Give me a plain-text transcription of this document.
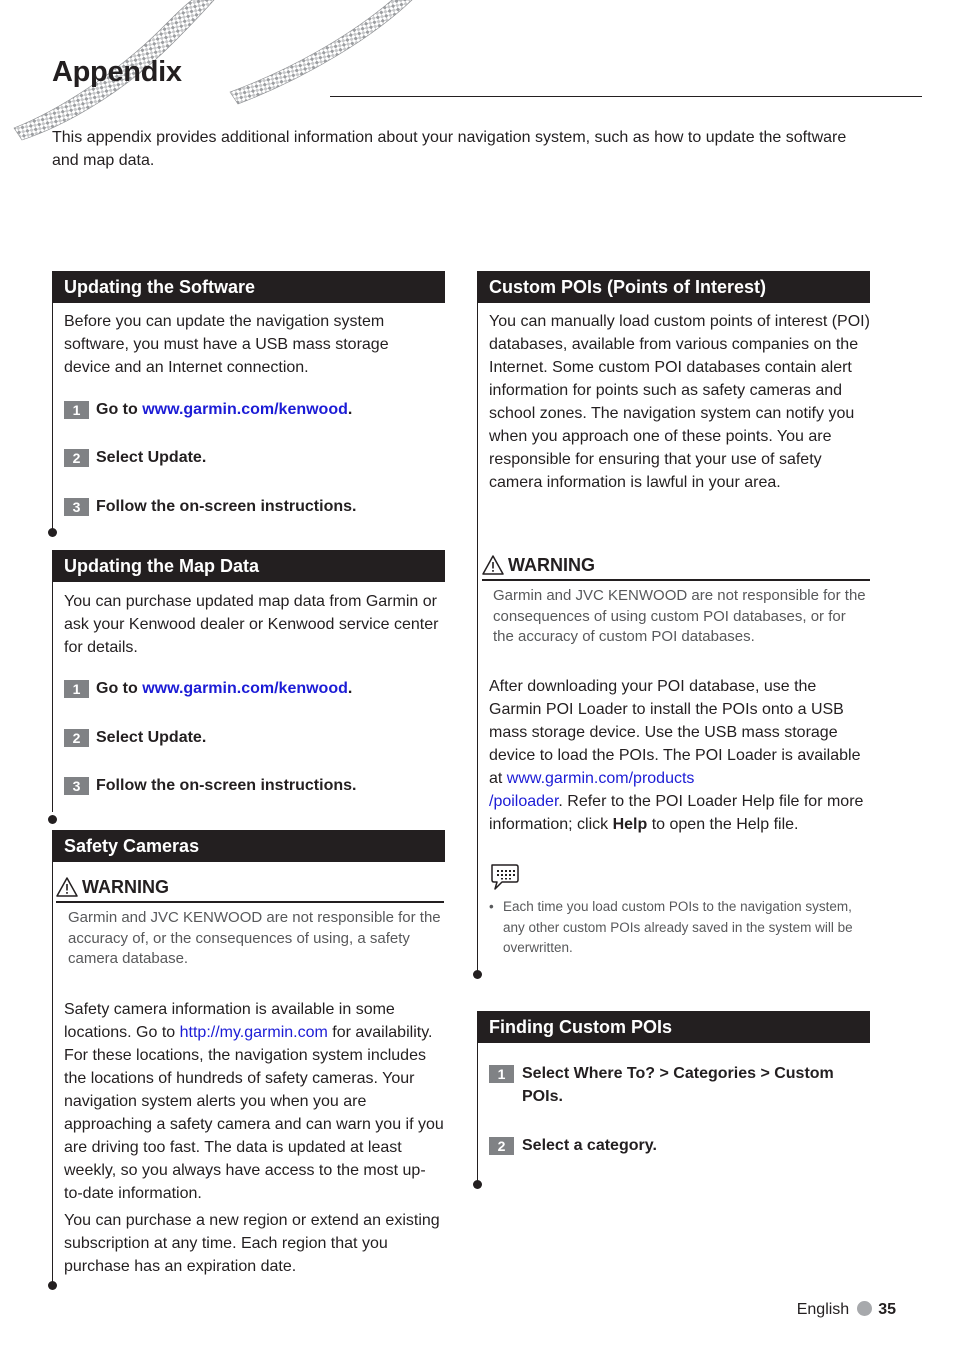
Appendix
This appendix provides additional information about your navigation system, such as how to update the software and map data.
Updating the Software
Before you can update the navigation system software, you must have a USB mass storage device and an Internet connection.
1 Go to www.garmin.com/kenwood.
2 Select Update.
3 Follow the on-screen instructions.
Updating the Map Data
You can purchase updated map data from Garmin or ask your Kenwood dealer or Kenwood service center for details.
1 Go to www.garmin.com/kenwood.
2 Select Update.
3 Follow the on-screen instructions.
Safety Cameras
WARNING
Garmin and JVC KENWOOD are not responsible for the accuracy of, or the consequences of using, a safety camera database.
Safety camera information is available in some locations. Go to http://my.garmin.com for availability. For these locations, the navigation system includes the locations of hundreds of safety cameras. Your navigation system alerts you when you are approaching a safety camera and can warn you if you are driving too fast. The data is updated at least weekly, so you always have access to the most up-to-date information.
You can purchase a new region or extend an existing subscription at any time. Each region that you purchase has an expiration date.
Custom POIs (Points of Interest)
You can manually load custom points of interest (POI) databases, available from various companies on the Internet. Some custom POI databases contain alert information for points such as safety cameras and school zones. The navigation system can notify you when you approach one of these points. You are responsible for ensuring that your use of safety camera information is lawful in your area.
WARNING
Garmin and JVC KENWOOD are not responsible for the consequences of using custom POI databases, or for the accuracy of custom POI databases.
After downloading your POI database, use the Garmin POI Loader to install the POIs onto a USB mass storage device. Use the USB mass storage device to load the POIs. The POI Loader is available at www.garmin.com/products
/poiloader. Refer to the POI Loader Help file for more information; click Help to open the Help file.
• Each time you load custom POIs to the navigation system, any other custom POIs already saved in the system will be overwritten.
Finding Custom POIs
1	Select Where To? > Categories > Custom POIs.
2	Select a category.
English 35
